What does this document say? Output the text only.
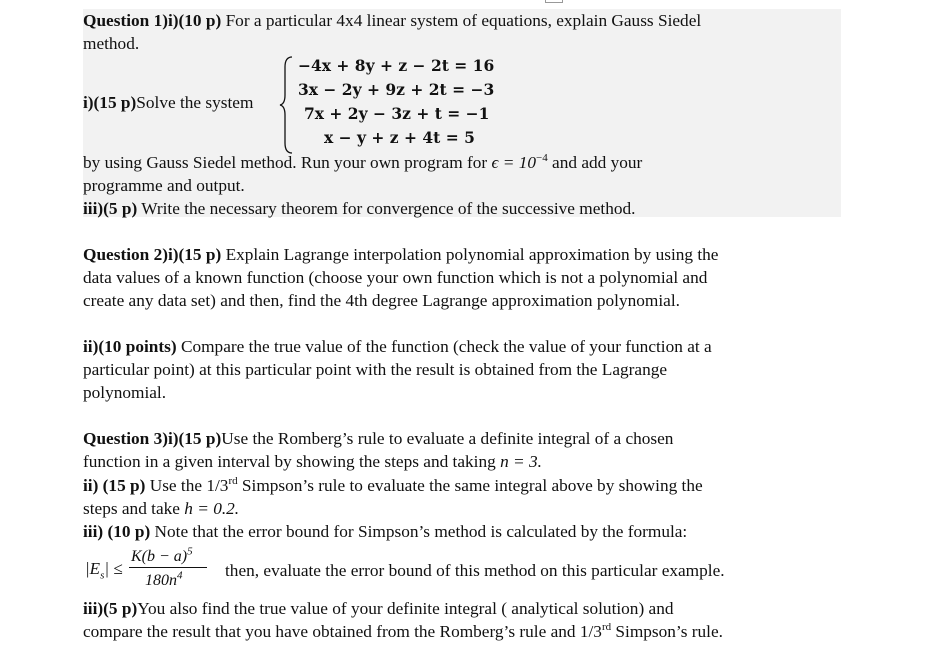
Question 1)i)(10 p) For a particular 4x4 linear system of equations, explain Gauss Siedel
method.
i)(15 p)Solve the system
−4x + 8y + z − 2t = 16
3x − 2y + 9z + 2t = −3
7x + 2y − 3z + t = −1
x − y + z + 4t = 5
by using Gauss Siedel method. Run your own program for $\epsilon = 10^{-4}$ and add your
programme and output.
iii)(5 p) Write the necessary theorem for convergence of the successive method.
Question 2)i)(15 p) Explain Lagrange interpolation polynomial approximation by using the
data values of a known function (choose your own function which is not a polynomial and
create any data set) and then, find the 4th degree Lagrange approximation polynomial.
ii)(10 points) Compare the true value of the function (check the value of your function at a
particular point) at this particular point with the result is obtained from the Lagrange
polynomial.
Question 3)i)(15 p)Use the Romberg’s rule to evaluate a definite integral of a chosen
function in a given interval by showing the steps and taking n = 3.
ii) (15 p) Use the 1/3rd Simpson’s rule to evaluate the same integral above by showing the
steps and take h = 0.2.
iii) (10 p) Note that the error bound for Simpson’s method is calculated by the formula:
$|E_s|$ ≤
$K(b - a)^5$
$180n^4$ then, evaluate the error bound of this method on this particular example.
iii)(5 p)You also find the true value of your definite integral ( analytical solution) and
compare the result that you have obtained from the Romberg’s rule and 1/3rd Simpson’s rule.
